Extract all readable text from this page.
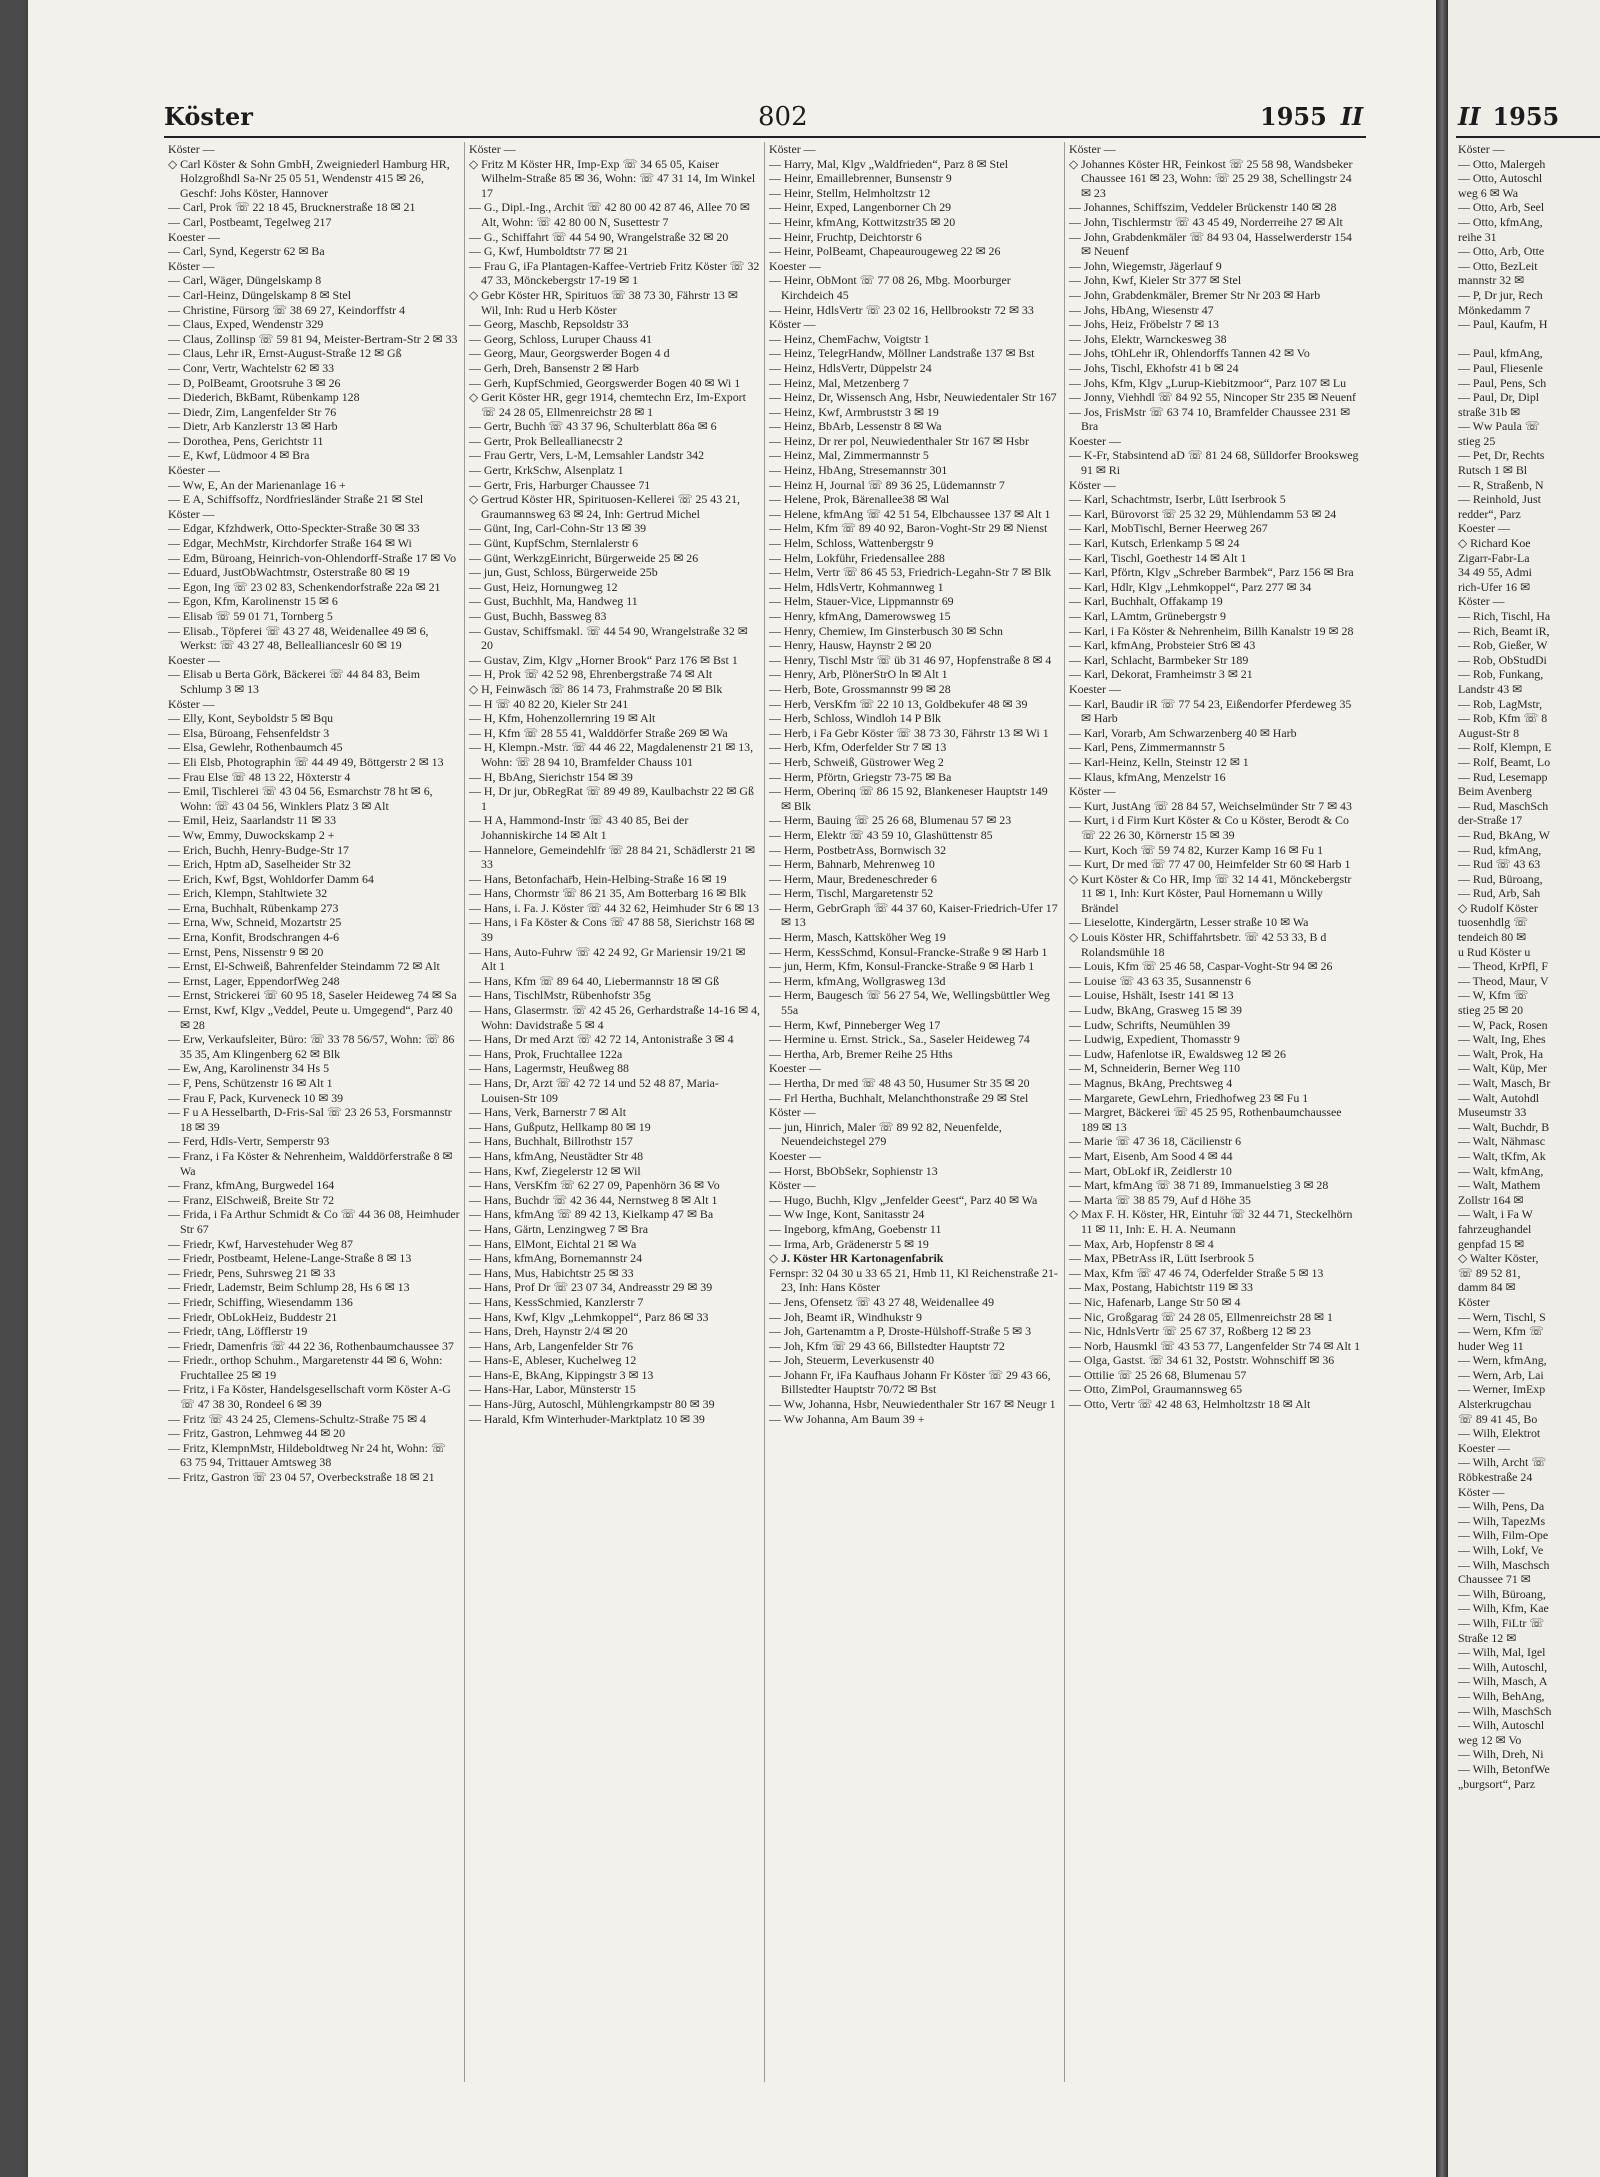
Köster	802	1955 II

Köster —

◇ Carl Köster & Sohn GmbH, Zweigniederl Hamburg HR, Holzgroßhdl Sa-Nr 25 05 51, Wendenstr 415 ✉ 26, Geschf: Johs Köster, Hannover

— Carl, Prok ☏ 22 18 45, Brucknerstraße 18 ✉ 21

— Carl, Postbeamt, Tegelweg 217

Koester —

— Carl, Synd, Kegerstr 62 ✉ Ba

Köster —

— Carl, Wäger, Düngelskamp 8

— Carl-Heinz, Düngelskamp 8 ✉ Stel

— Christine, Fürsorg ☏ 38 69 27, Keindorffstr 4

— Claus, Exped, Wendenstr 329

— Claus, Zollinsp ☏ 59 81 94, Meister-Bertram-Str 2 ✉ 33

— Claus, Lehr iR, Ernst-August-Straße 12 ✉ Gß

— Conr, Vertr, Wachtelstr 62 ✉ 33

— D, PolBeamt, Grootsruhe 3 ✉ 26

— Diederich, BkBamt, Rübenkamp 128

— Diedr, Zim, Langenfelder Str 76

— Dietr, Arb Kanzlerstr 13 ✉ Harb

— Dorothea, Pens, Gerichtstr 11

— E, Kwf, Lüdmoor 4 ✉ Bra

Köester —

— Ww, E, An der Marienanlage 16 +

— E A, Schiffsoffz, Nordfriesländer Straße 21 ✉ Stel

Köster —

— Edgar, Kfzhdwerk, Otto-Speckter-Straße 30 ✉ 33

— Edgar, MechMstr, Kirchdorfer Straße 164 ✉ Wi

— Edm, Büroang, Heinrich-von-Ohlendorff-Straße 17 ✉ Vo

— Eduard, JustObWachtmstr, Osterstraße 80 ✉ 19

— Egon, Ing ☏ 23 02 83, Schenkendorfstraße 22a ✉ 21

— Egon, Kfm, Karolinenstr 15 ✉ 6

— Elisab ☏ 59 01 71, Tornberg 5

— Elisab., Töpferei ☏ 43 27 48, Weidenallee 49 ✉ 6, Werkst: ☏ 43 27 48, Belleallianceslr 60 ✉ 19

Koester —

— Elisab u Berta Görk, Bäckerei ☏ 44 84 83, Beim Schlump 3 ✉ 13

Köster —

— Elly, Kont, Seyboldstr 5 ✉ Bqu

— Elsa, Büroang, Fehsenfeldstr 3

— Elsa, Gewlehr, Rothenbaumch 45

— Eli Elsb, Photographin ☏ 44 49 49, Böttgerstr 2 ✉ 13

— Frau Else ☏ 48 13 22, Höxterstr 4

— Emil, Tischlerei ☏ 43 04 56, Esmarchstr 78 ht ✉ 6, Wohn: ☏ 43 04 56, Winklers Platz 3 ✉ Alt

— Emil, Heiz, Saarlandstr 11 ✉ 33

— Ww, Emmy, Duwockskamp 2 +

— Erich, Buchh, Henry-Budge-Str 17

— Erich, Hptm aD, Saselheider Str 32

— Erich, Kwf, Bgst, Wohldorfer Damm 64

— Erich, Klempn, Stahltwiete 32

— Erna, Buchhalt, Rübenkamp 273

— Erna, Ww, Schneid, Mozartstr 25

— Erna, Konfit, Brodschrangen 4-6

— Ernst, Pens, Nissenstr 9 ✉ 20

— Ernst, El-Schweiß, Bahrenfelder Steindamm 72 ✉ Alt

— Ernst, Lager, EppendorfWeg 248

— Ernst, Strickerei ☏ 60 95 18, Saseler Heideweg 74 ✉ Sa

— Ernst, Kwf, Klgv „Veddel, Peute u. Umgegend“, Parz 40 ✉ 28

— Erw, Verkaufsleiter, Büro: ☏ 33 78 56/57, Wohn: ☏ 86 35 35, Am Klingenberg 62 ✉ Blk

— Ew, Ang, Karolinenstr 34 Hs 5

— F, Pens, Schützenstr 16 ✉ Alt 1

— Frau F, Pack, Kurveneck 10 ✉ 39

— F u A Hesselbarth, D-Fris-Sal ☏ 23 26 53, Forsmannstr 18 ✉ 39

— Ferd, Hdls-Vertr, Semperstr 93

— Franz, i Fa Köster & Nehrenheim, Walddörferstraße 8 ✉ Wa

— Franz, kfmAng, Burgwedel 164

— Franz, ElSchweiß, Breite Str 72

— Frida, i Fa Arthur Schmidt & Co ☏ 44 36 08, Heimhuder Str 67

— Friedr, Kwf, Harvestehuder Weg 87

— Friedr, Postbeamt, Helene-Lange-Straße 8 ✉ 13

— Friedr, Pens, Suhrsweg 21 ✉ 33

— Friedr, Lademstr, Beim Schlump 28, Hs 6 ✉ 13

— Friedr, Schiffing, Wiesendamm 136

— Friedr, ObLokHeiz, Buddestr 21

— Friedr, tAng, Löfflerstr 19

— Friedr, Damenfris ☏ 44 22 36, Rothenbaumchaussee 37

— Friedr., orthop Schuhm., Margaretenstr 44 ✉ 6, Wohn: Fruchtallee 25 ✉ 19

— Fritz, i Fa Köster, Handelsgesellschaft vorm Köster A-G ☏ 47 38 30, Rondeel 6 ✉ 39

— Fritz ☏ 43 24 25, Clemens-Schultz-Straße 75 ✉ 4

— Fritz, Gastron, Lehmweg 44 ✉ 20

— Fritz, KlempnMstr, Hildeboldtweg Nr 24 ht, Wohn: ☏ 63 75 94, Trittauer Amtsweg 38

— Fritz, Gastron ☏ 23 04 57, Overbeckstraße 18 ✉ 21

Köster —

◇ Fritz M Köster HR, Imp-Exp ☏ 34 65 05, Kaiser Wilhelm-Straße 85 ✉ 36, Wohn: ☏ 47 31 14, Im Winkel 17

— G., Dipl.-Ing., Archit ☏ 42 80 00 42 87 46, Allee 70 ✉ Alt, Wohn: ☏ 42 80 00 N, Susettestr 7

— G., Schiffahrt ☏ 44 54 90, Wrangelstraße 32 ✉ 20

— G, Kwf, Humboldtstr 77 ✉ 21

— Frau G, iFa Plantagen-Kaffee-Vertrieb Fritz Köster ☏ 32 47 33, Mönckebergstr 17-19 ✉ 1

◇ Gebr Köster HR, Spirituos ☏ 38 73 30, Fährstr 13 ✉ Wil, Inh: Rud u Herb Köster

— Georg, Maschb, Repsoldstr 33

— Georg, Schloss, Luruper Chauss 41

— Georg, Maur, Georgswerder Bogen 4 d

— Gerh, Dreh, Bansenstr 2 ✉ Harb

— Gerh, KupfSchmied, Georgswerder Bogen 40 ✉ Wi 1

◇ Gerit Köster HR, gegr 1914, chemtechn Erz, Im-Export ☏ 24 28 05, Ellmenreichstr 28 ✉ 1

— Gertr, Buchh ☏ 43 37 96, Schulterblatt 86a ✉ 6

— Gertr, Prok Belleallianecstr 2

— Frau Gertr, Vers, L-M, Lemsahler Landstr 342

— Gertr, KrkSchw, Alsenplatz 1

— Gertr, Fris, Harburger Chaussee 71

◇ Gertrud Köster HR, Spirituosen-Kellerei ☏ 25 43 21, Graumannsweg 63 ✉ 24, Inh: Gertrud Michel

— Günt, Ing, Carl-Cohn-Str 13 ✉ 39

— Günt, KupfSchm, Sternlalerstr 6

— Günt, WerkzgEinricht, Bürgerweide 25 ✉ 26

— jun, Gust, Schloss, Bürgerweide 25b

— Gust, Heiz, Hornungweg 12

— Gust, Buchhlt, Ma, Handweg 11

— Gust, Buchh, Bassweg 83

— Gustav, Schiffsmakl. ☏ 44 54 90, Wrangelstraße 32 ✉ 20

— Gustav, Zim, Klgv „Horner Brook“ Parz 176 ✉ Bst 1

— H, Prok ☏ 42 52 98, Ehrenbergstraße 74 ✉ Alt

◇ H, Feinwäsch ☏ 86 14 73, Frahmstraße 20 ✉ Blk

— H ☏ 40 82 20, Kieler Str 241

— H, Kfm, Hohenzollernring 19 ✉ Alt

— H, Kfm ☏ 28 55 41, Walddörfer Straße 269 ✉ Wa

— H, Klempn.-Mstr. ☏ 44 46 22, Magdalenenstr 21 ✉ 13, Wohn: ☏ 28 94 10, Bramfelder Chauss 101

— H, BbAng, Sierichstr 154 ✉ 39

— H, Dr jur, ObRegRat ☏ 89 49 89, Kaulbachstr 22 ✉ Gß 1

— H A, Hammond-Instr ☏ 43 40 85, Bei der Johanniskirche 14 ✉ Alt 1

— Hannelore, Gemeindehlfr ☏ 28 84 21, Schädlerstr 21 ✉ 33

— Hans, Betonfachar̈b, Hein-Helbing-Straße 16 ✉ 19

— Hans, Chormstr ☏ 86 21 35, Am Botterbarg 16 ✉ Blk

— Hans, i. Fa. J. Köster ☏ 44 32 62, Heimhuder Str 6 ✉ 13

— Hans, i Fa Köster & Cons ☏ 47 88 58, Sierichstr 168 ✉ 39

— Hans, Auto-Fuhrw ☏ 42 24 92, Gr Mariensir 19/21 ✉ Alt 1

— Hans, Kfm ☏ 89 64 40, Liebermannstr 18 ✉ Gß

— Hans, TischlMstr, Rübenhofstr 35g

— Hans, Glasermstr. ☏ 42 45 26, Gerhardstraße 14-16 ✉ 4, Wohn: Davidstraße 5 ✉ 4

— Hans, Dr med Arzt ☏ 42 72 14, Antonistraße 3 ✉ 4

— Hans, Prok, Fruchtallee 122a

— Hans, Lagermstr, Heußweg 88

— Hans, Dr, Arzt ☏ 42 72 14 und 52 48 87, Maria-Louisen-Str 109

— Hans, Verk, Barnerstr 7 ✉ Alt

— Hans, Gußputz, Hellkamp 80 ✉ 19

— Hans, Buchhalt, Billrothstr 157

— Hans, kfmAng, Neustädter Str 48

— Hans, Kwf, Ziegelerstr 12 ✉ Wil

— Hans, VersKfm ☏ 62 27 09, Papenhörn 36 ✉ Vo

— Hans, Buchdr ☏ 42 36 44, Nernstweg 8 ✉ Alt 1

— Hans, kfmAng ☏ 89 42 13, Kielkamp 47 ✉ Ba

— Hans, Gärtn, Lenzingweg 7 ✉ Bra

— Hans, ElMont, Eichtal 21 ✉ Wa

— Hans, kfmAng, Bornemannstr 24

— Hans, Mus, Habichtstr 25 ✉ 33

— Hans, Prof Dr ☏ 23 07 34, Andreasstr 29 ✉ 39

— Hans, KessSchmied, Kanzlerstr 7

— Hans, Kwf, Klgv „Lehmkoppel“, Parz 86 ✉ 33

— Hans, Dreh, Haynstr 2/4 ✉ 20

— Hans, Arb, Langenfelder Str 76

— Hans-E, Ableser, Kuchelweg 12

— Hans-E, BkAng, Kippingstr 3 ✉ 13

— Hans-Har, Labor, Münsterstr 15

— Hans-Jürg, Autoschl, Mühlengrkampstr 80 ✉ 39

— Harald, Kfm Winterhuder-Marktplatz 10 ✉ 39

Köster —

— Harry, Mal, Klgv „Waldfrieden“, Parz 8 ✉ Stel

— Heinr, Emaillebrenner, Bunsenstr 9

— Heinr, Stellm, Helmholtzstr 12

— Heinr, Exped, Langenborner Ch 29

— Heinr, kfmAng, Kottwitzstr35 ✉ 20

— Heinr, Fruchtp, Deichtorstr 6

— Heinr, PolBeamt, Chapeaurougeweg 22 ✉ 26

Koester —

— Heinr, ObMont ☏ 77 08 26, Mbg. Moorburger Kirchdeich 45

— Heinr, HdlsVertr ☏ 23 02 16, Hellbrookstr 72 ✉ 33

Köster —

— Heinz, ChemFachw, Voigtstr 1

— Heinz, TelegrHandw, Möllner Landstraße 137 ✉ Bst

— Heinz, HdlsVertr, Düppelstr 24

— Heinz, Mal, Metzenberg 7

— Heinz, Dr, Wissensch Ang, Hsbr, Neuwiedentaler Str 167

— Heinz, Kwf, Armbruststr 3 ✉ 19

— Heinz, BbArb, Lessenstr 8 ✉ Wa

— Heinz, Dr rer pol, Neuwiedenthaler Str 167 ✉ Hsbr

— Heinz, Mal, Zimmermannstr 5

— Heinz, HbAng, Stresemannstr 301

— Heinz H, Journal ☏ 89 36 25, Lüdemannstr 7

— Helene, Prok, Bärenallee38 ✉ Wal

— Helene, kfmAng ☏ 42 51 54, Elbchaussee 137 ✉ Alt 1

— Helm, Kfm ☏ 89 40 92, Baron-Voght-Str 29 ✉ Nienst

— Helm, Schloss, Wattenbergstr 9

— Helm, Lokführ, Friedensallee 288

— Helm, Vertr ☏ 86 45 53, Friedrich-Legahn-Str 7 ✉ Blk

— Helm, HdlsVertr, Kohmannweg 1

— Helm, Stauer-Vice, Lippmannstr 69

— Henry, kfmAng, Damerowsweg 15

— Henry, Chemiew, Im Ginsterbusch 30 ✉ Schn

— Henry, Hausw, Haynstr 2 ✉ 20

— Henry, Tischl Mstr ☏ üb 31 46 97, Hopfenstraße 8 ✉ 4

— Henry, Arb, PlönerStrO ln ✉ Alt 1

— Herb, Bote, Grossmannstr 99 ✉ 28

— Herb, VersKfm ☏ 22 10 13, Goldbekufer 48 ✉ 39

— Herb, Schloss, Windloh 14 P Blk

— Herb, i Fa Gebr Köster ☏ 38 73 30, Fährstr 13 ✉ Wi 1

— Herb, Kfm, Oderfelder Str 7 ✉ 13

— Herb, Schweiß, Güstrower Weg 2

— Herm, Pförtn, Griegstr 73-75 ✉ Ba

— Herm, Oberinq ☏ 86 15 92, Blankeneser Hauptstr 149 ✉ Blk

— Herm, Bauing ☏ 25 26 68, Blumenau 57 ✉ 23

— Herm, Elektr ☏ 43 59 10, Glashüttenstr 85

— Herm, PostbetrAss, Bornwisch 32

— Herm, Bahnarb, Mehrenweg 10

— Herm, Maur, Bredeneschreder 6

— Herm, Tischl, Margaretenstr 52

— Herm, GebrGraph ☏ 44 37 60, Kaiser-Friedrich-Ufer 17 ✉ 13

— Herm, Masch, Kattsköher Weg 19

— Herm, KessSchmd, Konsul-Francke-Straße 9 ✉ Harb 1

— jun, Herm, Kfm, Konsul-Francke-Straße 9 ✉ Harb 1

— Herm, kfmAng, Wollgrasweg 13d

— Herm, Baugesch ☏ 56 27 54, We, Wellingsbüttler Weg 55a

— Herm, Kwf, Pinneberger Weg 17

— Hermine u. Ernst. Strick., Sa., Saseler Heideweg 74

— Hertha, Arb, Bremer Reihe 25 Hths

Koester —

— Hertha, Dr med ☏ 48 43 50, Husumer Str 35 ✉ 20

— Frl Hertha, Buchhalt, Melanchthonstraße 29 ✉ Stel

Köster —

— jun, Hinrich, Maler ☏ 89 92 82, Neuenfelde, Neuendeichstegel 279

Koester —

— Horst, BbObSekr, Sophienstr 13

Köster —

— Hugo, Buchh, Klgv „Jenfelder Geest“, Parz 40 ✉ Wa

— Ww Inge, Kont, Sanitasstr 24

— Ingeborg, kfmAng, Goebenstr 11

— Irma, Arb, Grädenerstr 5 ✉ 19

◇ J. Köster HR Kartonagenfabrik

Fernspr: 32 04 30 u 33 65 21, Hmb 11, Kl Reichenstraße 21-23, Inh: Hans Köster

— Jens, Ofensetz ☏ 43 27 48, Weidenallee 49

— Joh, Beamt iR, Windhukstr 9

— Joh, Gartenamtm a P, Droste-Hülshoff-Straße 5 ✉ 3

— Joh, Kfm ☏ 29 43 66, Billstedter Hauptstr 72

— Joh, Steuerm, Leverkusenstr 40

— Johann Fr, iFa Kaufhaus Johann Fr Köster ☏ 29 43 66, Billstedter Hauptstr 70/72 ✉ Bst

— Ww, Johanna, Hsbr, Neuwiedenthaler Str 167 ✉ Neugr 1

— Ww Johanna, Am Baum 39 +

Köster —

◇ Johannes Köster HR, Feinkost ☏ 25 58 98, Wandsbeker Chaussee 161 ✉ 23, Wohn: ☏ 25 29 38, Schellingstr 24 ✉ 23

— Johannes, Schiffszim, Veddeler Brückenstr 140 ✉ 28

— John, Tischlermstr ☏ 43 45 49, Norderreihe 27 ✉ Alt

— John, Grabdenkmäler ☏ 84 93 04, Hasselwerderstr 154 ✉ Neuenf

— John, Wiegemstr, Jägerlauf 9

— John, Kwf, Kieler Str 377 ✉ Stel

— John, Grabdenkmäler, Bremer Str Nr 203 ✉ Harb

— Johs, HbAng, Wiesenstr 47

— Johs, Heiz, Fröbelstr 7 ✉ 13

— Johs, Elektr, Warnckesweg 38

— Johs, tOhLehr iR, Ohlendorffs Tannen 42 ✉ Vo

— Johs, Tischl, Ekhofstr 41 b ✉ 24

— Johs, Kfm, Klgv „Lurup-Kiebitzmoor“, Parz 107 ✉ Lu

— Jonny, Viehhdl ☏ 84 92 55, Nincoper Str 235 ✉ Neuenf

— Jos, FrisMstr ☏ 63 74 10, Bramfelder Chaussee 231 ✉ Bra

Koester —

— K-Fr, Stabsintend aD ☏ 81 24 68, Sülldorfer Brooksweg 91 ✉ Ri

Köster —

— Karl, Schachtmstr, Iserbr, Lütt Iserbrook 5

— Karl, Bürovorst ☏ 25 32 29, Mühlendamm 53 ✉ 24

— Karl, MobTischl, Berner Heerweg 267

— Karl, Kutsch, Erlenkamp 5 ✉ 24

— Karl, Tischl, Goethestr 14 ✉ Alt 1

— Karl, Pförtn, Klgv „Schreber Barmbek“, Parz 156 ✉ Bra

— Karl, Hdlr, Klgv „Lehmkoppel“, Parz 277 ✉ 34

— Karl, Buchhalt, Offakamp 19

— Karl, LAmtm, Grünebergstr 9

— Karl, i Fa Köster & Nehrenheim, Billh Kanalstr 19 ✉ 28

— Karl, kfmAng, Probsteier Str6 ✉ 43

— Karl, Schlacht, Barmbeker Str 189

— Karl, Dekorat, Framheimstr 3 ✉ 21

Koester —

— Karl, Baudir iR ☏ 77 54 23, Eißendorfer Pferdeweg 35 ✉ Harb

— Karl, Vorarb, Am Schwarzenberg 40 ✉ Harb

— Karl, Pens, Zimmermannstr 5

— Karl-Heinz, Kelln, Steinstr 12 ✉ 1

— Klaus, kfmAng, Menzelstr 16

Köster —

— Kurt, JustAng ☏ 28 84 57, Weichselmünder Str 7 ✉ 43

— Kurt, i d Firm Kurt Köster & Co u Köster, Berodt & Co ☏ 22 26 30, Körnerstr 15 ✉ 39

— Kurt, Koch ☏ 59 74 82, Kurzer Kamp 16 ✉ Fu 1

— Kurt, Dr med ☏ 77 47 00, Heimfelder Str 60 ✉ Harb 1

◇ Kurt Köster & Co HR, Imp ☏ 32 14 41, Mönckebergstr 11 ✉ 1, Inh: Kurt Köster, Paul Hornemann u Willy Brändel

— Lieselotte, Kindergärtn, Lesser straße 10 ✉ Wa

◇ Louis Köster HR, Schiffahrtsbetr. ☏ 42 53 33, B d Rolandsmühle 18

— Louis, Kfm ☏ 25 46 58, Caspar-Voght-Str 94 ✉ 26

— Louise ☏ 43 63 35, Susannenstr 6

— Louise, Hshält, Isestr 141 ✉ 13

— Ludw, BkAng, Grasweg 15 ✉ 39

— Ludw, Schrifts, Neumühlen 39

— Ludwig, Expedient, Thomasstr 9

— Ludw, Hafenlotse iR, Ewaldsweg 12 ✉ 26

— M, Schneiderin, Berner Weg 110

— Magnus, BkAng, Prechtsweg 4

— Margarete, GewLehrn, Friedhofweg 23 ✉ Fu 1

— Margret, Bäckerei ☏ 45 25 95, Rothenbaumchaussee 189 ✉ 13

— Marie ☏ 47 36 18, Cäcilienstr 6

— Mart, Eisenb, Am Sood 4 ✉ 44

— Mart, ObLokf iR, Zeidlerstr 10

— Mart, kfmAng ☏ 38 71 89, Immanuelstieg 3 ✉ 28

— Marta ☏ 38 85 79, Auf d Höhe 35

◇ Max F. H. Köster, HR, Eintuhr ☏ 32 44 71, Steckelhörn 11 ✉ 11, Inh: E. H. A. Neumann

— Max, Arb, Hopfenstr 8 ✉ 4

— Max, PBetrAss iR, Lütt Iserbrook 5

— Max, Kfm ☏ 47 46 74, Oderfelder Straße 5 ✉ 13

— Max, Postang, Habichtstr 119 ✉ 33

— Nic, Hafenarb, Lange Str 50 ✉ 4

— Nic, Großgarag ☏ 24 28 05, Ellmenreichstr 28 ✉ 1

— Nic, HdnlsVertr ☏ 25 67 37, Roßberg 12 ✉ 23

— Norb, Hausmkl ☏ 43 53 77, Langenfelder Str 74 ✉ Alt 1

— Olga, Gastst. ☏ 34 61 32, Poststr. Wohnschiff ✉ 36

— Ottilie ☏ 25 26 68, Blumenau 57

— Otto, ZimPol, Graumannsweg 65

— Otto, Vertr ☏ 42 48 63, Helmholtzstr 18 ✉ Alt

II 1955
Köster —
— Otto, Malergeh
— Otto, Autoschl
weg 6 ✉ Wa
— Otto, Arb, Seel
— Otto, kfmAng,
reihe 31
— Otto, Arb, Otte
— Otto, BezLeit
mannstr 32 ✉
— P, Dr jur, Rech
Mönkedamm 7
— Paul, Kaufm, H

— Paul, kfmAng,
— Paul, Fliesenle
— Paul, Pens, Sch
— Paul, Dr, Dipl
straße 31b ✉
— Ww Paula ☏
stieg 25
— Pet, Dr, Rechts
Rutsch 1 ✉ Bl
— R, Straßenb, N
— Reinhold, Just
redder“, Parz
Koester —
◇ Richard Koe
Zigarr-Fabr-La
34 49 55, Admi
rich-Ufer 16 ✉
Köster —
— Rich, Tischl, Ha
— Rich, Beamt iR,
— Rob, Gießer, W
— Rob, ObStudDi
— Rob, Funkang,
Landstr 43 ✉
— Rob, LagMstr,
— Rob, Kfm ☏ 8
August-Str 8
— Rolf, Klempn, E
— Rolf, Beamt, Lo
— Rud, Lesemapp
Beim Avenberg
— Rud, MaschSch
der-Straße 17
— Rud, BkAng, W
— Rud, kfmAng,
— Rud ☏ 43 63
— Rud, Büroang,
— Rud, Arb, Sah
◇ Rudolf Köster
tuosenhdlg ☏
tendeich 80 ✉
u Rud Köster u
— Theod, KrPfl, F
— Theod, Maur, V
— W, Kfm ☏
stieg 25 ✉ 20
— W, Pack, Rosen
— Walt, Ing, Ehes
— Walt, Prok, Ha
— Walt, Küp, Mer
— Walt, Masch, Br
— Walt, Autohdl
Museumstr 33
— Walt, Buchdr, B
— Walt, Nähmasc
— Walt, tKfm, Ak
— Walt, kfmAng,
— Walt, Mathem
Zollstr 164 ✉
— Walt, i Fa W
fahrzeughandel
genpfad 15 ✉
◇ Walter Köster,
☏ 89 52 81,
damm 84 ✉
Köster
— Wern, Tischl, S
— Wern, Kfm ☏
huder Weg 11
— Wern, kfmAng,
— Wern, Arb, Lai
— Werner, ImExp
Alsterkrugchau
☏ 89 41 45, Bo
— Wilh, Elektrot
Koester —
— Wilh, Archt ☏
Röbkestraße 24
Köster —
— Wilh, Pens, Da
— Wilh, TapezMs
— Wilh, Film-Ope
— Wilh, Lokf, Ve
— Wilh, Maschsch
Chaussee 71 ✉
— Wilh, Büroang,
— Wilh, Kfm, Kae
— Wilh, FiLtr ☏
Straße 12 ✉
— Wilh, Mal, Igel
— Wilh, Autoschl,
— Wilh, Masch, A
— Wilh, BehAng,
— Wilh, MaschSch
— Wilh, Autoschl
weg 12 ✉ Vo
— Wilh, Dreh, Ni
— Wilh, BetonfWe
„burgsort“, Parz
